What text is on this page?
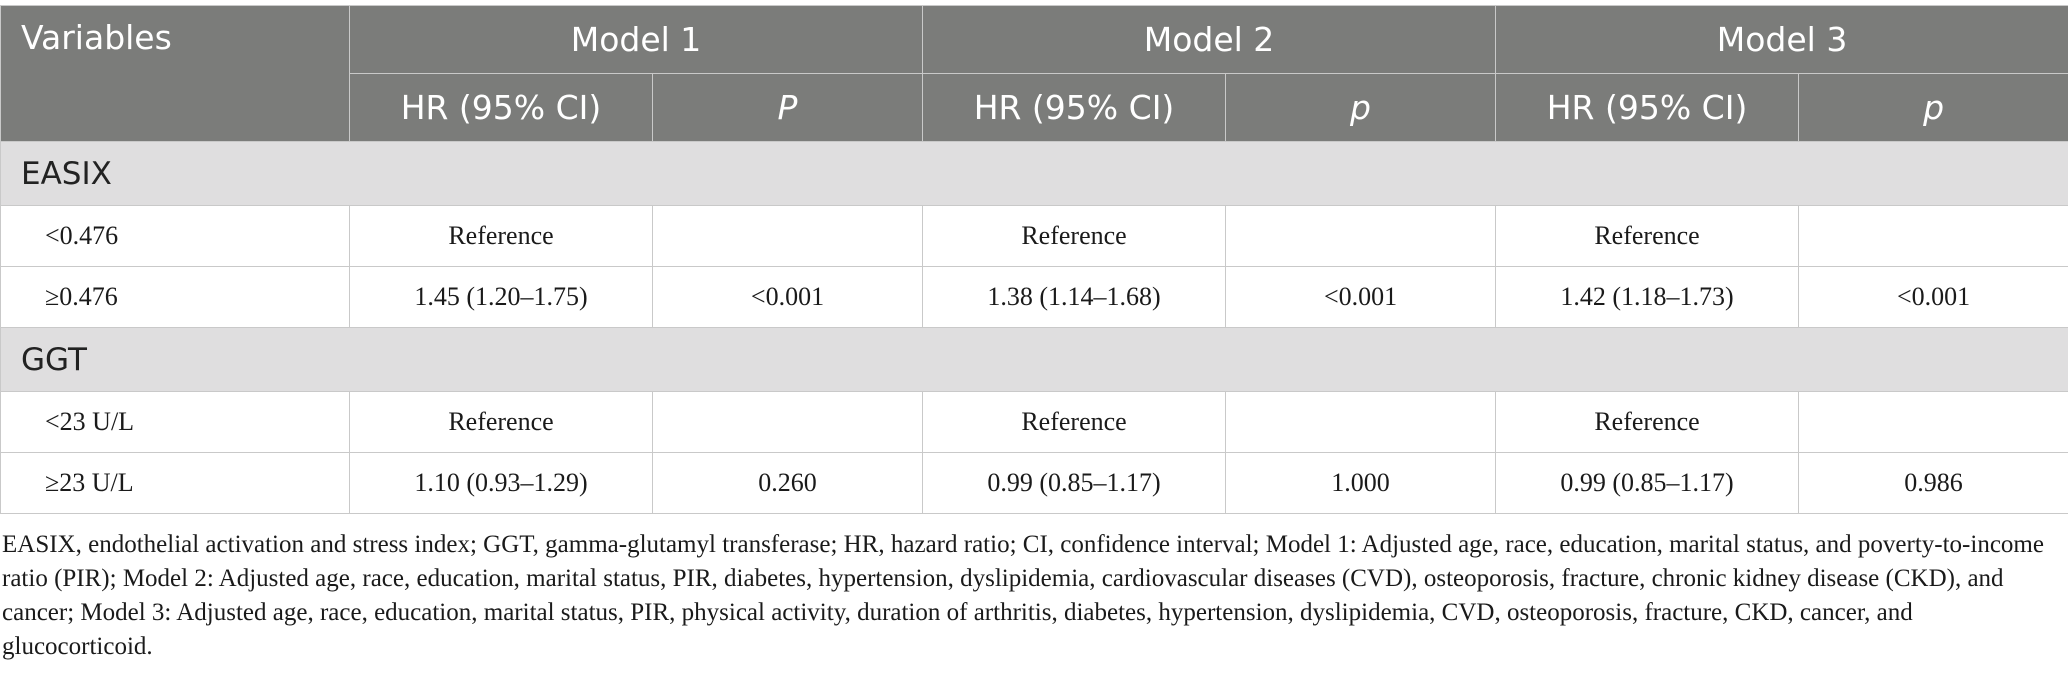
Variables	Model 1		Model 2		Model 3	
	HR (95% CI)	P	HR (95% CI)	p	HR (95% CI)	p
EASIX						
<0.476	Reference		Reference		Reference	
≥0.476	1.45 (1.20–1.75)	<0.001	1.38 (1.14–1.68)	<0.001	1.42 (1.18–1.73)	<0.001
GGT						
<23 U/L	Reference		Reference		Reference	
≥23 U/L	1.10 (0.93–1.29)	0.260	0.99 (0.85–1.17)	1.000	0.99 (0.85–1.17)	0.986
EASIX, endothelial activation and stress index; GGT, gamma-glutamyl transferase; HR, hazard ratio; CI, confidence interval; Model 1: Adjusted age, race, education, marital status, and poverty-to-income ratio (PIR); Model 2: Adjusted age, race, education, marital status, PIR, diabetes, hypertension, dyslipidemia, cardiovascular diseases (CVD), osteoporosis, fracture, chronic kidney disease (CKD), and cancer; Model 3: Adjusted age, race, education, marital status, PIR, physical activity, duration of arthritis, diabetes, hypertension, dyslipidemia, CVD, osteoporosis, fracture, CKD, cancer, and glucocorticoid.
